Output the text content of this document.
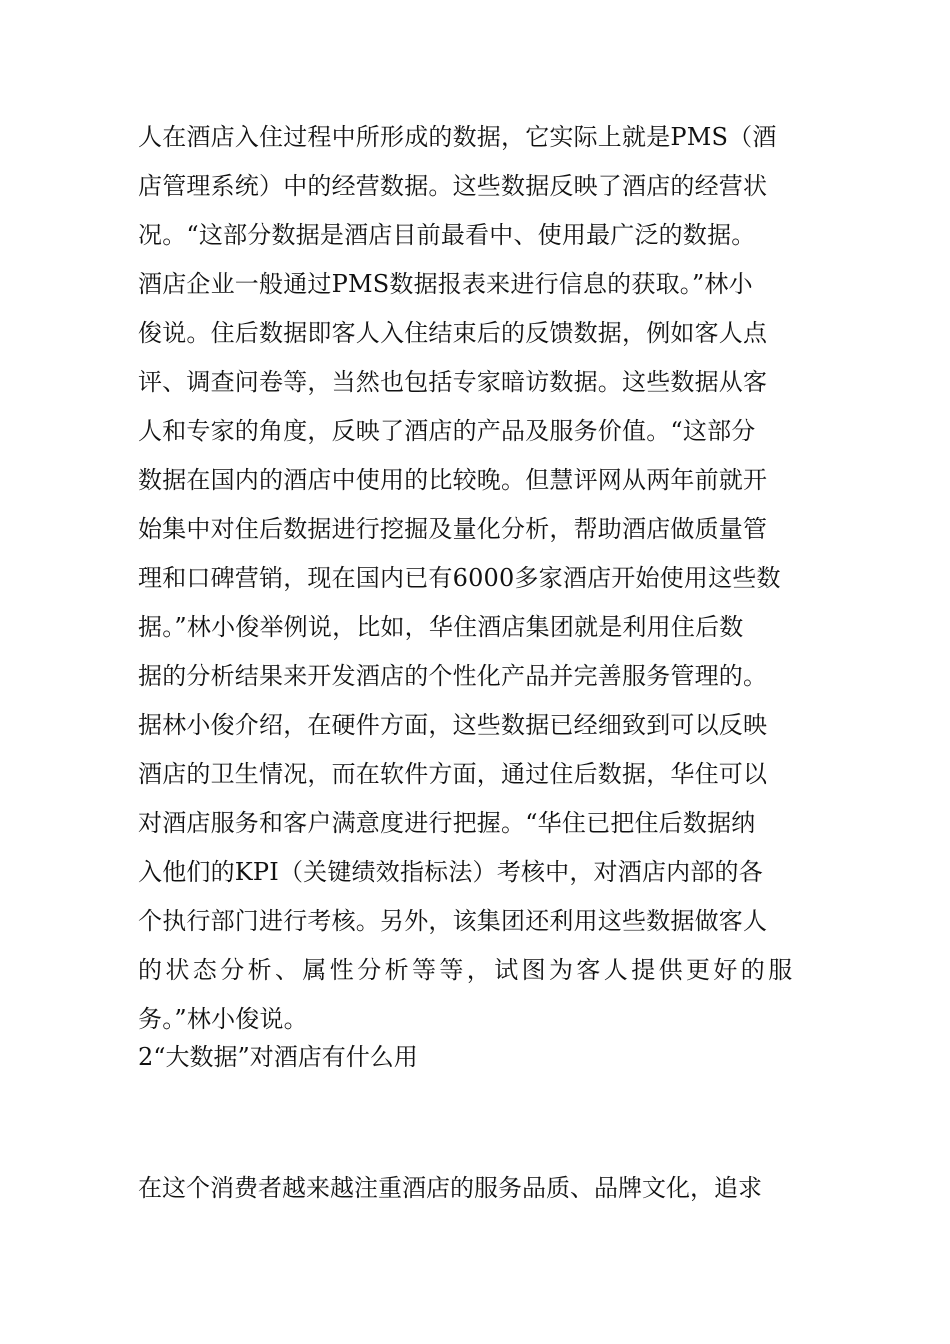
人在酒店入住过程中所形成的数据，它实际上就是PMS（酒
店管理系统）中的经营数据。这些数据反映了酒店的经营状
况。“这部分数据是酒店目前最看中、使用最广泛的数据。
酒店企业一般通过PMS数据报表来进行信息的获取。”林小
俊说。住后数据即客人入住结束后的反馈数据，例如客人点
评、调查问卷等，当然也包括专家暗访数据。这些数据从客
人和专家的角度，反映了酒店的产品及服务价值。“这部分
数据在国内的酒店中使用的比较晚。但慧评网从两年前就开
始集中对住后数据进行挖掘及量化分析，帮助酒店做质量管
理和口碑营销，现在国内已有6000多家酒店开始使用这些数
据。”林小俊举例说，比如，华住酒店集团就是利用住后数
据的分析结果来开发酒店的个性化产品并完善服务管理的。
据林小俊介绍，在硬件方面，这些数据已经细致到可以反映
酒店的卫生情况，而在软件方面，通过住后数据，华住可以
对酒店服务和客户满意度进行把握。“华住已把住后数据纳
入他们的KPI（关键绩效指标法）考核中，对酒店内部的各
个执行部门进行考核。另外，该集团还利用这些数据做客人
的状态分析、属性分析等等，试图为客人提供更好的服
务。”林小俊说。

2“大数据”对酒店有什么用

在这个消费者越来越注重酒店的服务品质、品牌文化，追求
